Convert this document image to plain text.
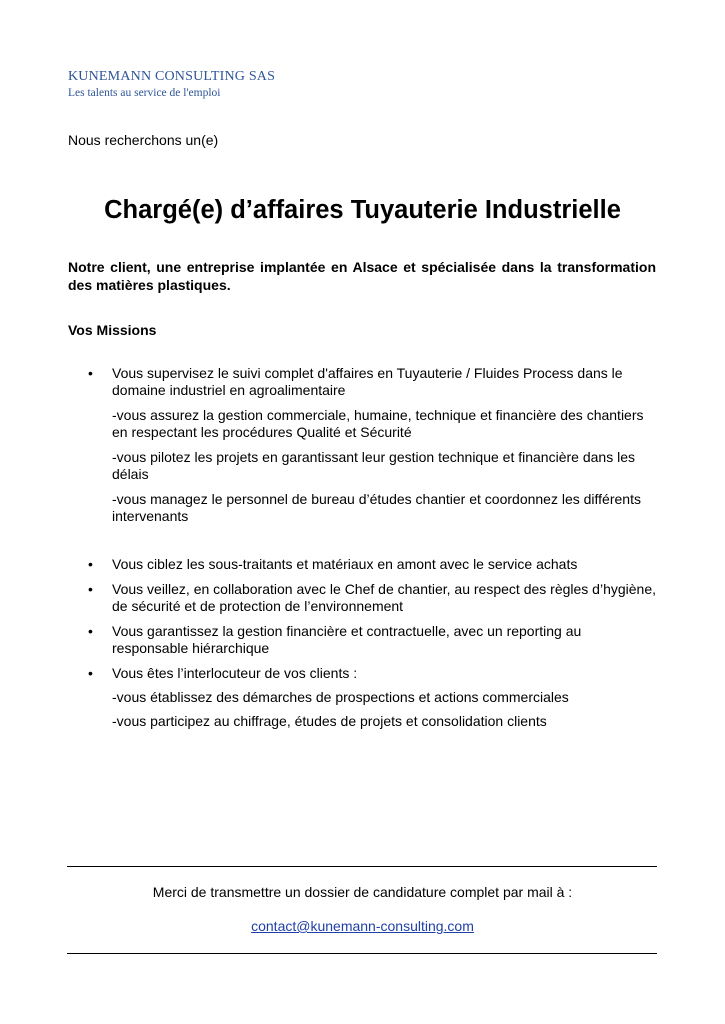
KUNEMANN CONSULTING SAS
Les talents au service de l'emploi
Nous recherchons un(e)
Chargé(e) d’affaires Tuyauterie Industrielle
Notre client, une entreprise implantée en Alsace et spécialisée dans la transformation des matières plastiques.
Vos Missions
• Vous supervisez le suivi complet d'affaires en Tuyauterie / Fluides Process dans le domaine industriel en agroalimentaire
-vous assurez la gestion commerciale, humaine, technique et financière des chantiers en respectant les procédures Qualité et Sécurité
-vous pilotez les projets en garantissant leur gestion technique et financière dans les délais
-vous managez le personnel de bureau d’études chantier et coordonnez les différents intervenants
• Vous ciblez les sous-traitants et matériaux en amont avec le service achats
• Vous veillez, en collaboration avec le Chef de chantier, au respect des règles d’hygiène, de sécurité et de protection de l’environnement
• Vous garantissez la gestion financière et contractuelle, avec un reporting au responsable hiérarchique
• Vous êtes l’interlocuteur de vos clients :
-vous établissez des démarches de prospections et actions commerciales
-vous participez au chiffrage, études de projets et consolidation clients
Merci de transmettre un dossier de candidature complet par mail à :
contact@kunemann-consulting.com
